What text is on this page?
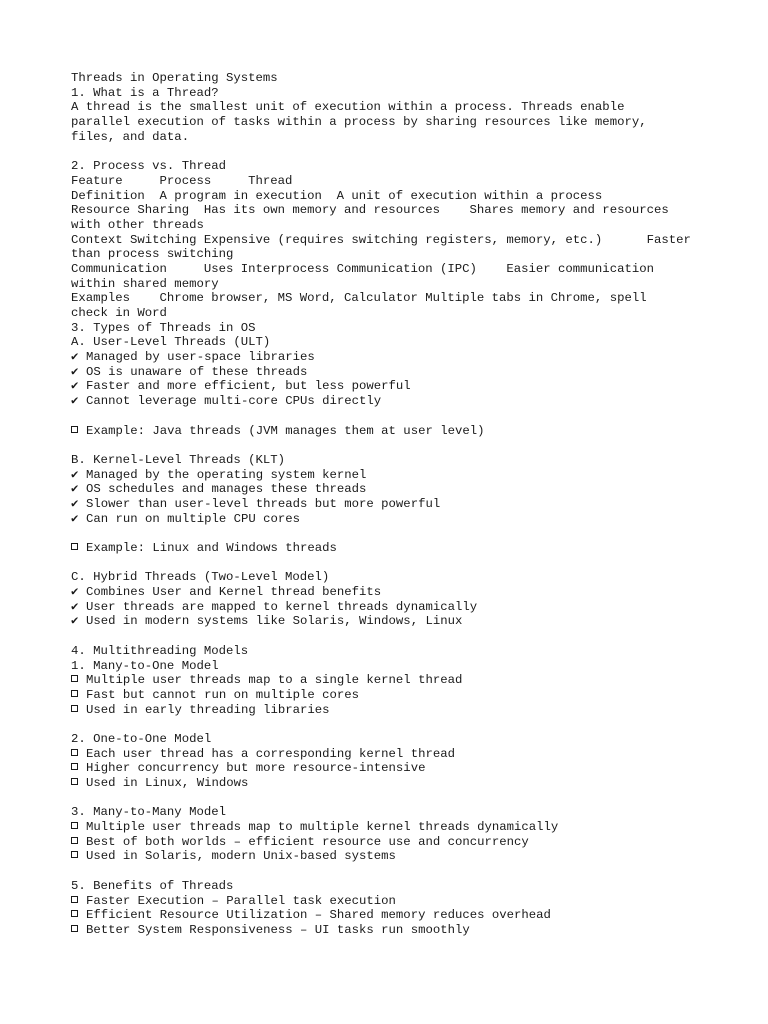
Threads in Operating Systems
1. What is a Thread?
A thread is the smallest unit of execution within a process. Threads enable
parallel execution of tasks within a process by sharing resources like memory,
files, and data.
2. Process vs. Thread
Feature     Process     Thread
Definition  A program in execution  A unit of execution within a process
Resource Sharing  Has its own memory and resources    Shares memory and resources
with other threads
Context Switching Expensive (requires switching registers, memory, etc.)      Faster
than process switching
Communication     Uses Interprocess Communication (IPC)    Easier communication
within shared memory
Examples    Chrome browser, MS Word, Calculator Multiple tabs in Chrome, spell
check in Word
3. Types of Threads in OS
A. User-Level Threads (ULT)
✔ Managed by user-space libraries
✔ OS is unaware of these threads
✔ Faster and more efficient, but less powerful
✔ Cannot leverage multi-core CPUs directly
Example: Java threads (JVM manages them at user level)
B. Kernel-Level Threads (KLT)
✔ Managed by the operating system kernel
✔ OS schedules and manages these threads
✔ Slower than user-level threads but more powerful
✔ Can run on multiple CPU cores
Example: Linux and Windows threads
C. Hybrid Threads (Two-Level Model)
✔ Combines User and Kernel thread benefits
✔ User threads are mapped to kernel threads dynamically
✔ Used in modern systems like Solaris, Windows, Linux
4. Multithreading Models
1. Many-to-One Model
Multiple user threads map to a single kernel thread
Fast but cannot run on multiple cores
Used in early threading libraries
2. One-to-One Model
Each user thread has a corresponding kernel thread
Higher concurrency but more resource-intensive
Used in Linux, Windows
3. Many-to-Many Model
Multiple user threads map to multiple kernel threads dynamically
Best of both worlds – efficient resource use and concurrency
Used in Solaris, modern Unix-based systems
5. Benefits of Threads
Faster Execution – Parallel task execution
Efficient Resource Utilization – Shared memory reduces overhead
Better System Responsiveness – UI tasks run smoothly
